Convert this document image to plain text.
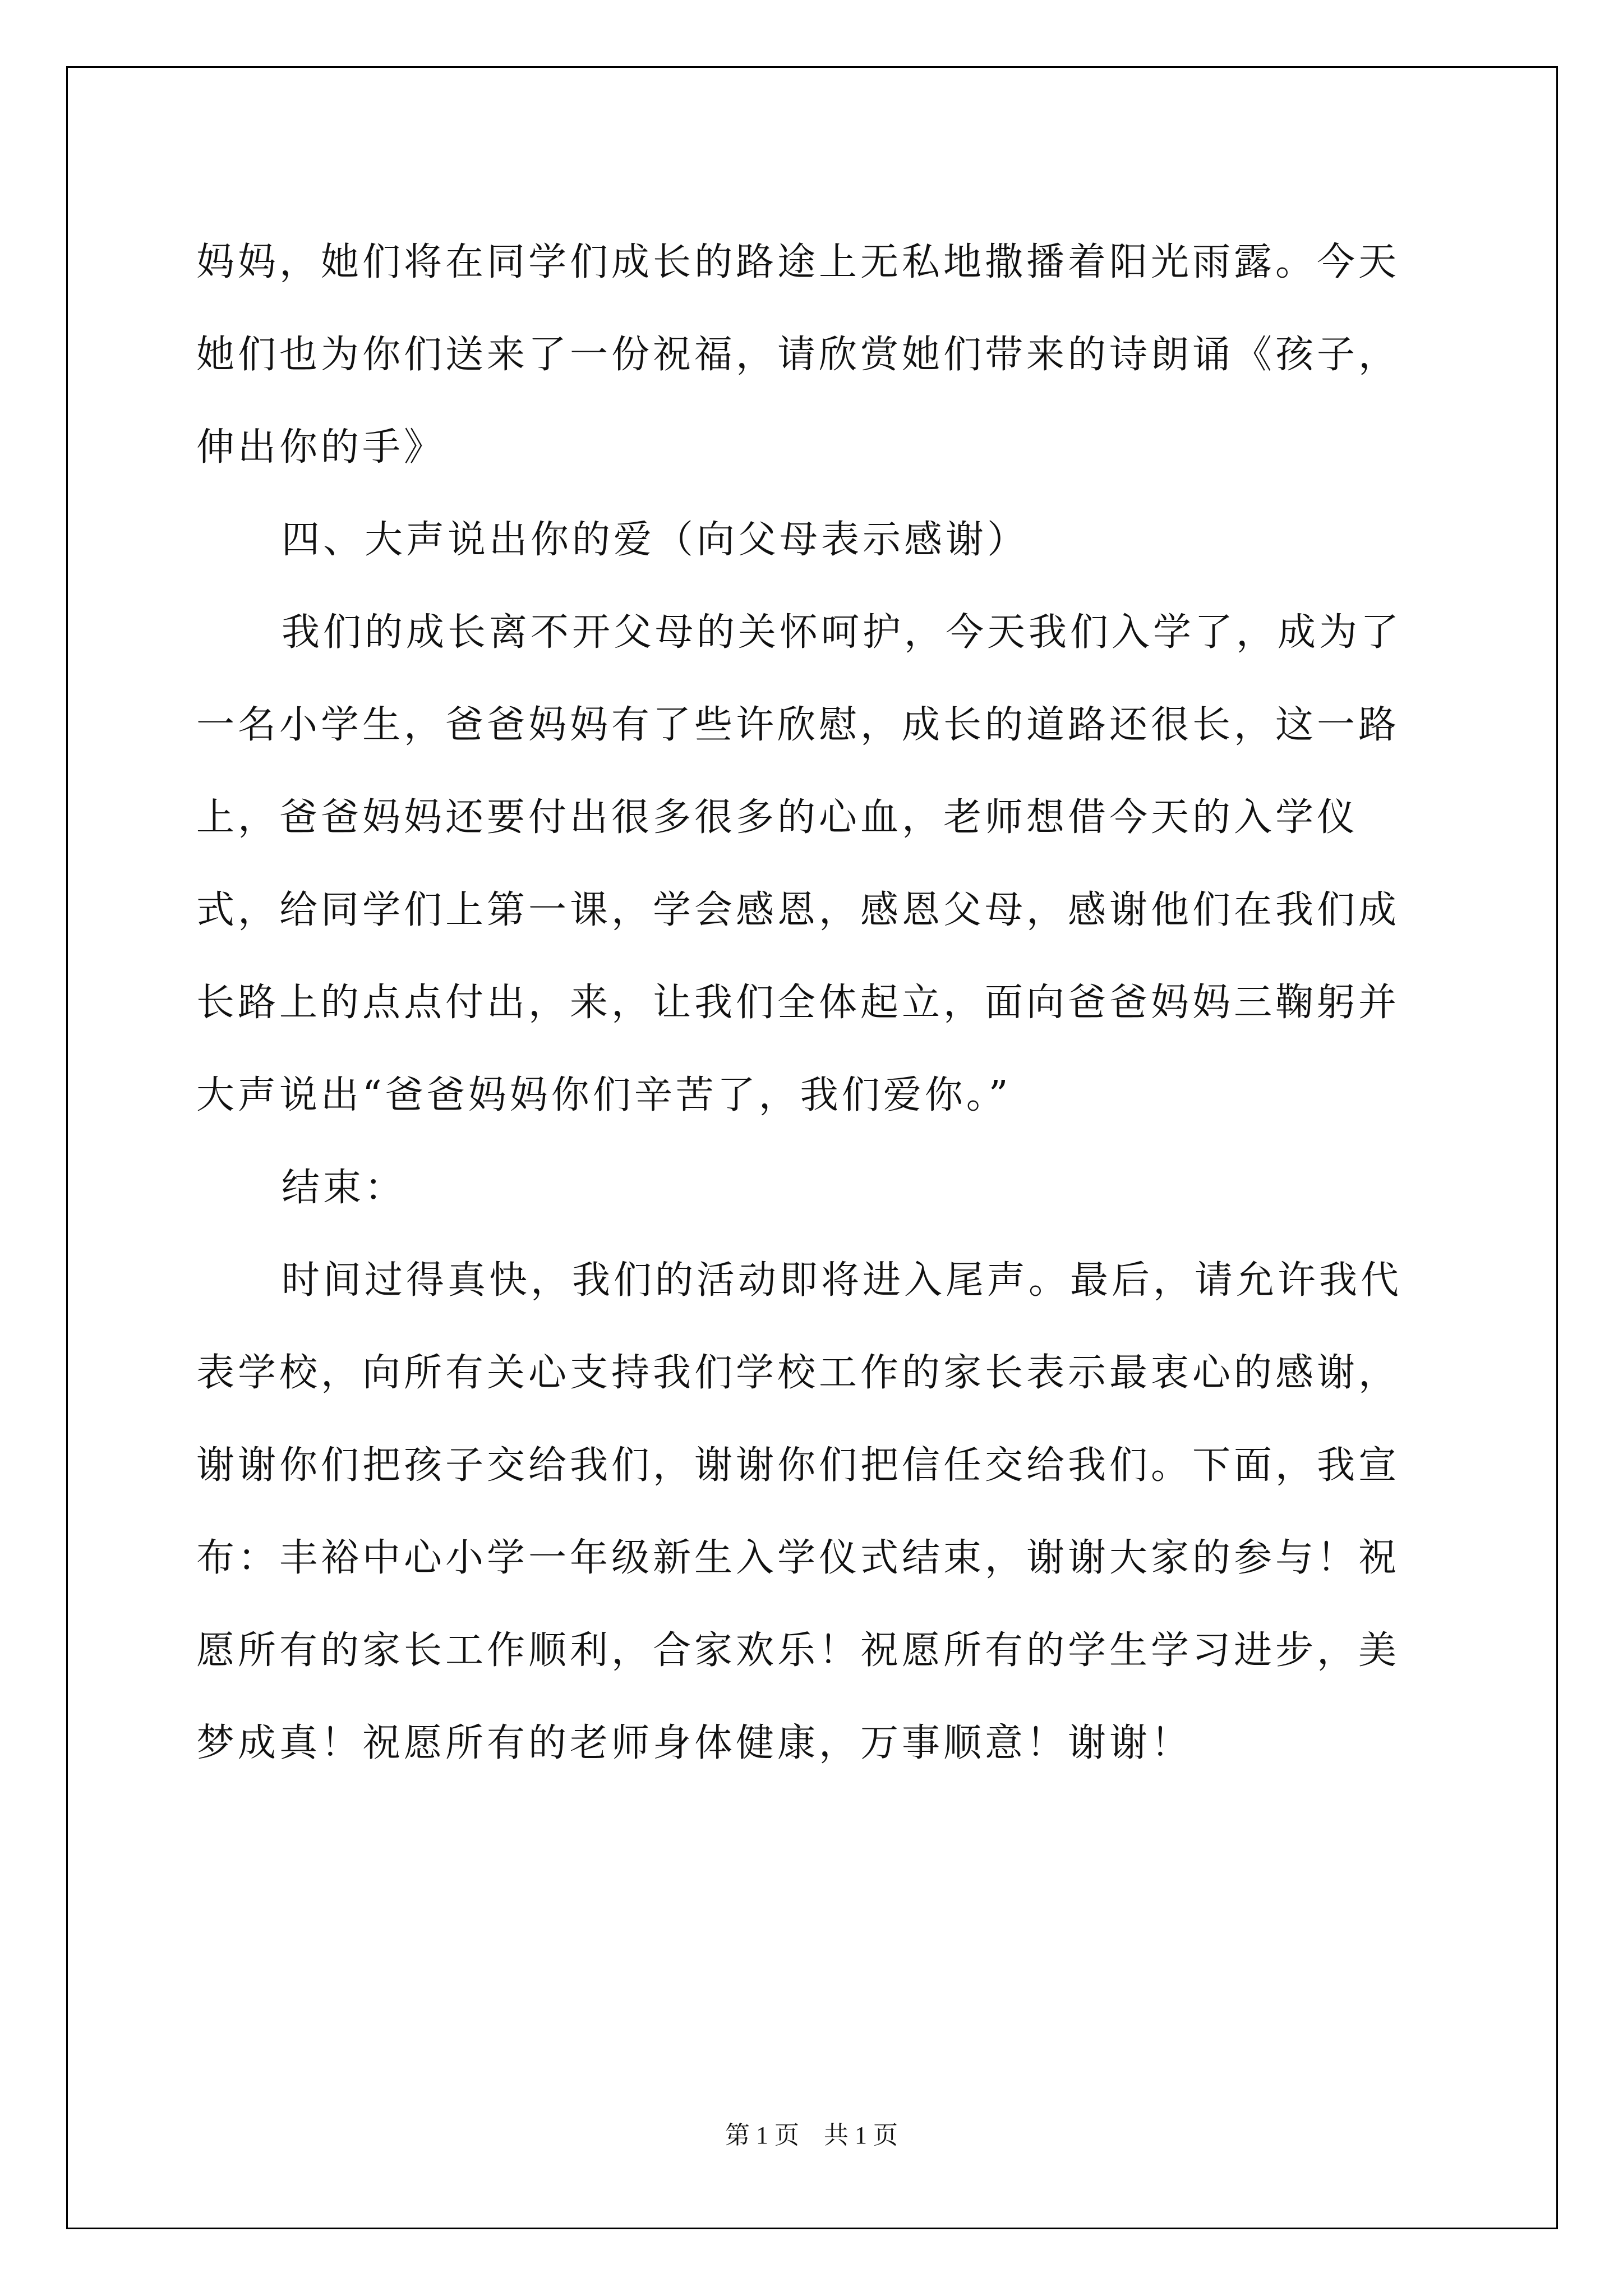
妈妈，她们将在同学们成长的路途上无私地撒播着阳光雨露。今天她们也为你们送来了一份祝福，请欣赏她们带来的诗朗诵《孩子，伸出你的手》

四、大声说出你的爱（向父母表示感谢）

我们的成长离不开父母的关怀呵护，今天我们入学了，成为了一名小学生，爸爸妈妈有了些许欣慰，成长的道路还很长，这一路上，爸爸妈妈还要付出很多很多的心血，老师想借今天的入学仪式，给同学们上第一课，学会感恩，感恩父母，感谢他们在我们成长路上的点点付出，来，让我们全体起立，面向爸爸妈妈三鞠躬并大声说出“爸爸妈妈你们辛苦了，我们爱你。”

结束：

时间过得真快，我们的活动即将进入尾声。最后，请允许我代表学校，向所有关心支持我们学校工作的家长表示最衷心的感谢，谢谢你们把孩子交给我们，谢谢你们把信任交给我们。下面，我宣布：丰裕中心小学一年级新生入学仪式结束，谢谢大家的参与！祝愿所有的家长工作顺利，合家欢乐！祝愿所有的学生学习进步，美梦成真！祝愿所有的老师身体健康，万事顺意！谢谢！

第 1 页　共 1 页
